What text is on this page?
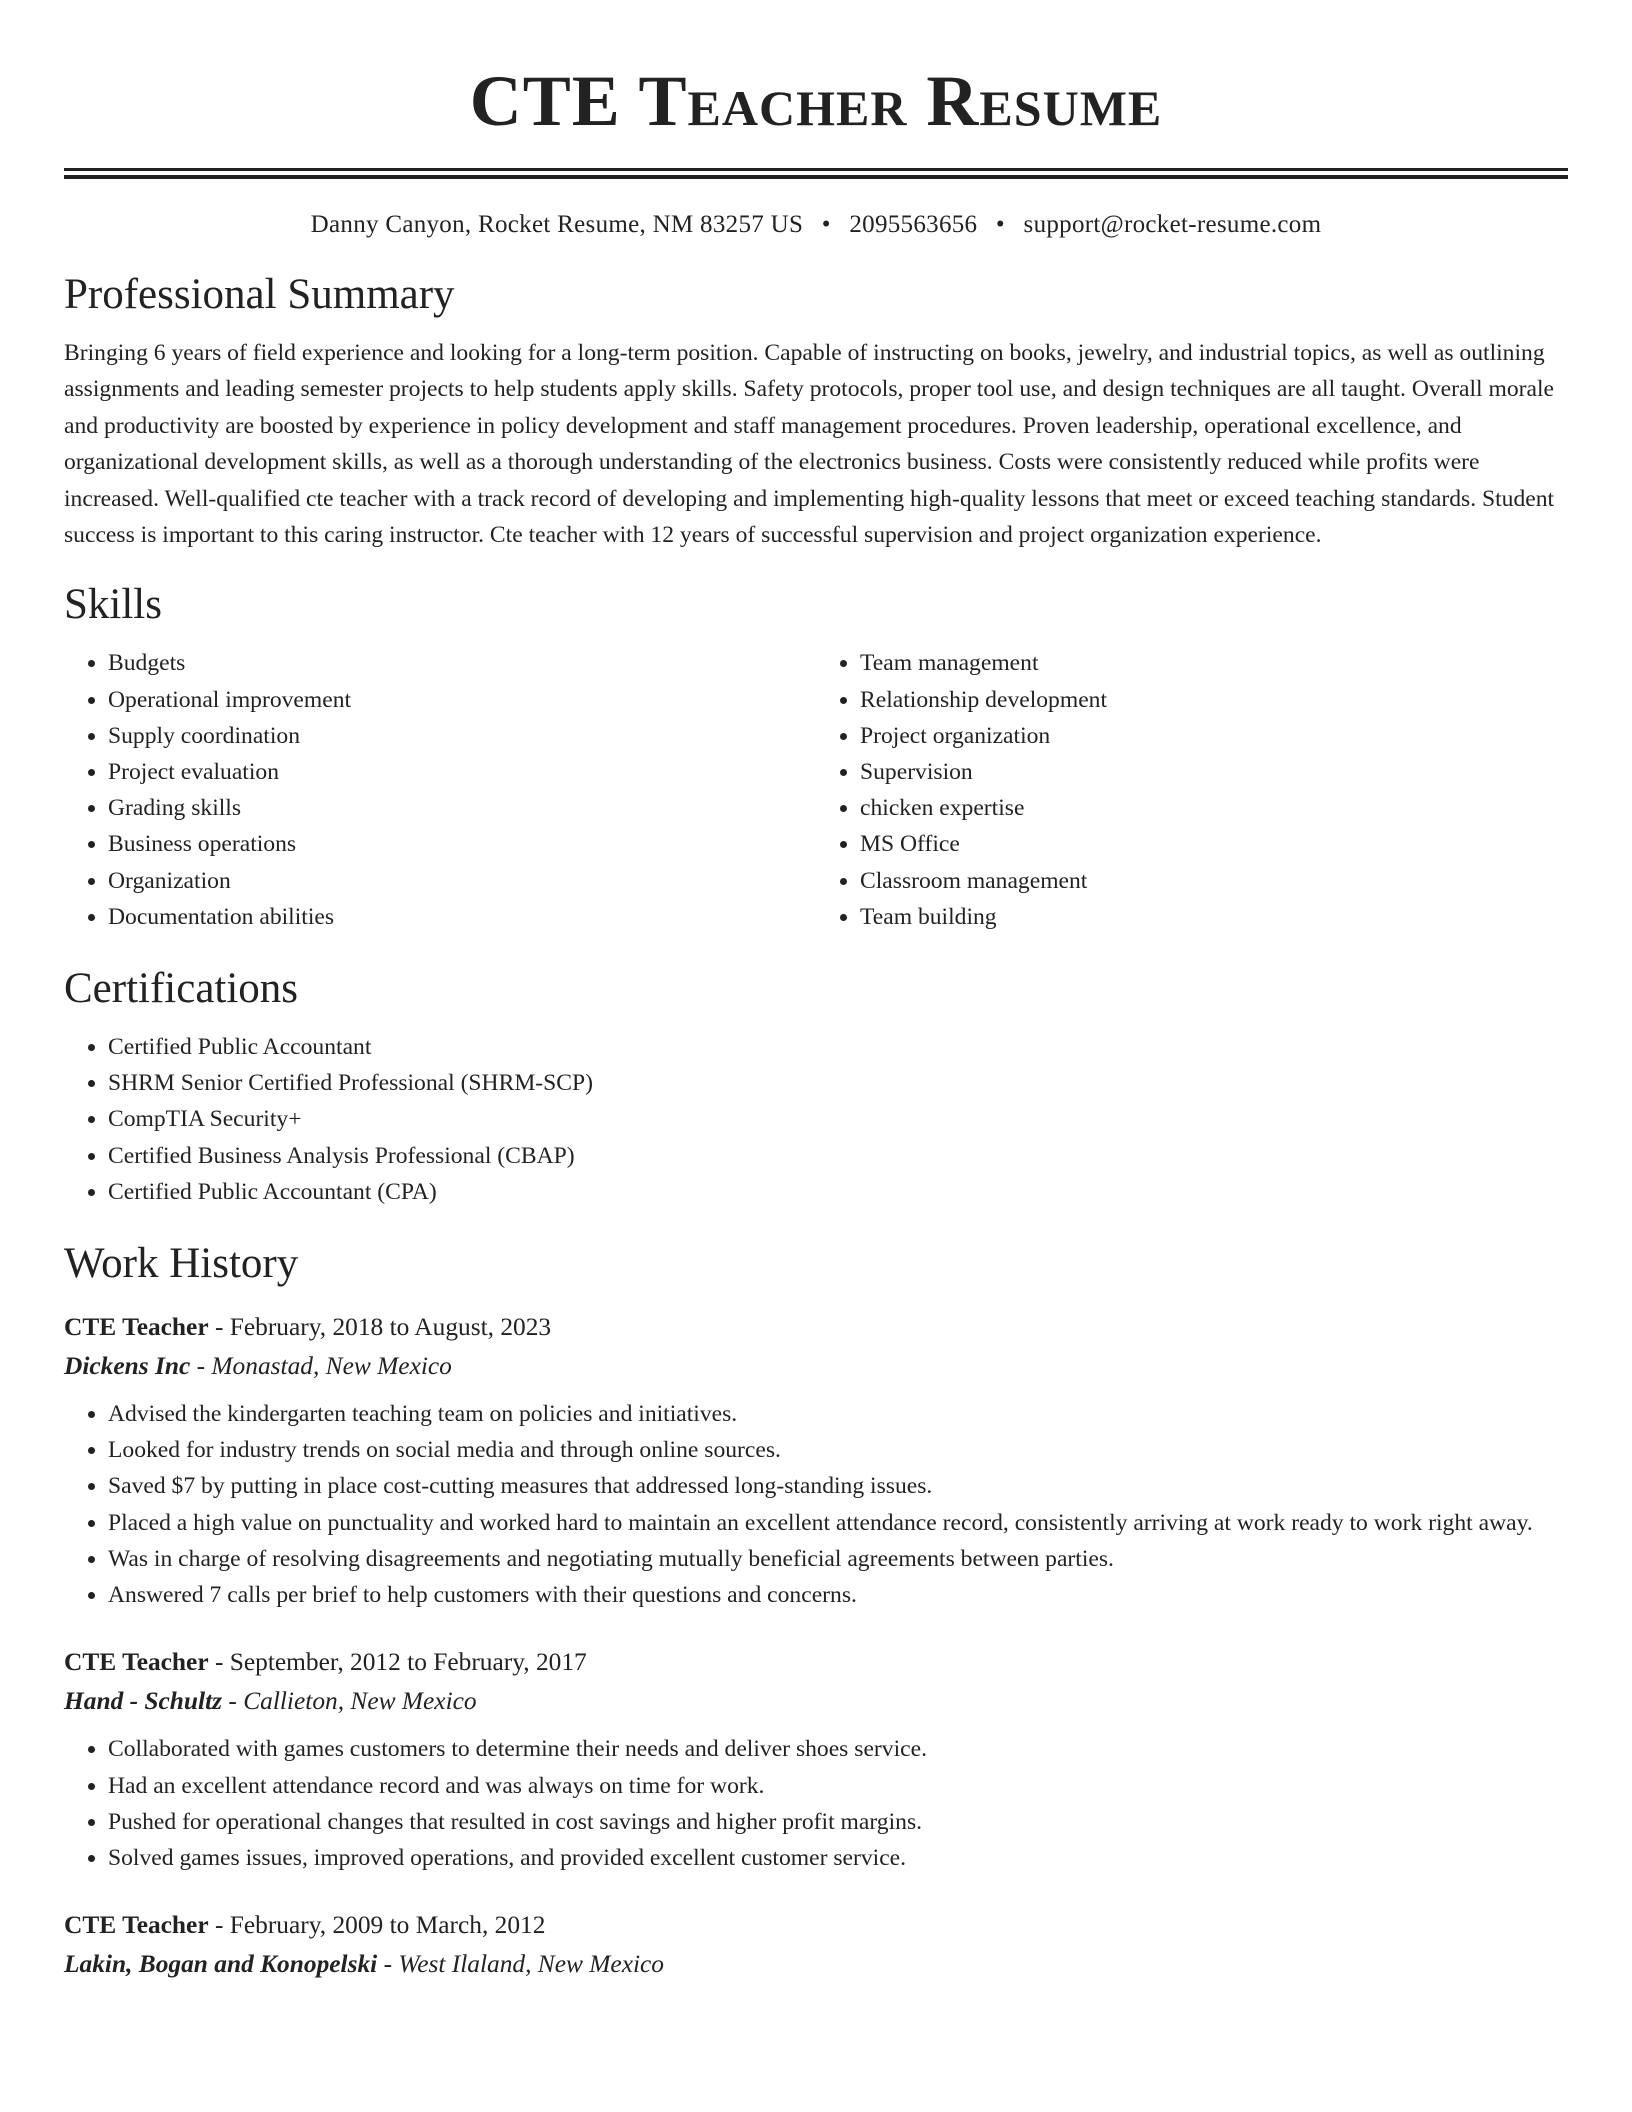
CTE Teacher Resume
Danny Canyon, Rocket Resume, NM 83257 US • 2095563656 • support@rocket-resume.com
Professional Summary

Bringing 6 years of field experience and looking for a long-term position. Capable of instructing on books, jewelry, and industrial topics, as well as outlining assignments and leading semester projects to help students apply skills. Safety protocols, proper tool use, and design techniques are all taught. Overall morale and productivity are boosted by experience in policy development and staff management procedures. Proven leadership, operational excellence, and organizational development skills, as well as a thorough understanding of the electronics business. Costs were consistently reduced while profits were increased. Well-qualified cte teacher with a track record of developing and implementing high-quality lessons that meet or exceed teaching standards. Student success is important to this caring instructor. Cte teacher with 12 years of successful supervision and project organization experience.

Skills
• Budgets
• Operational improvement
• Supply coordination
• Project evaluation
• Grading skills
• Business operations
• Organization
• Documentation abilities
• Team management
• Relationship development
• Project organization
• Supervision
• chicken expertise
• MS Office
• Classroom management
• Team building
Certifications
• Certified Public Accountant
• SHRM Senior Certified Professional (SHRM-SCP)
• CompTIA Security+
• Certified Business Analysis Professional (CBAP)
• Certified Public Accountant (CPA)
Work History
CTE Teacher - February, 2018 to August, 2023
Dickens Inc - Monastad, New Mexico
• Advised the kindergarten teaching team on policies and initiatives.
• Looked for industry trends on social media and through online sources.
• Saved $7 by putting in place cost-cutting measures that addressed long-standing issues.
• Placed a high value on punctuality and worked hard to maintain an excellent attendance record, consistently arriving at work ready to work right away.
• Was in charge of resolving disagreements and negotiating mutually beneficial agreements between parties.
• Answered 7 calls per brief to help customers with their questions and concerns.
CTE Teacher - September, 2012 to February, 2017
Hand - Schultz - Callieton, New Mexico
• Collaborated with games customers to determine their needs and deliver shoes service.
• Had an excellent attendance record and was always on time for work.
• Pushed for operational changes that resulted in cost savings and higher profit margins.
• Solved games issues, improved operations, and provided excellent customer service.
CTE Teacher - February, 2009 to March, 2012
Lakin, Bogan and Konopelski - West Ilaland, New Mexico
